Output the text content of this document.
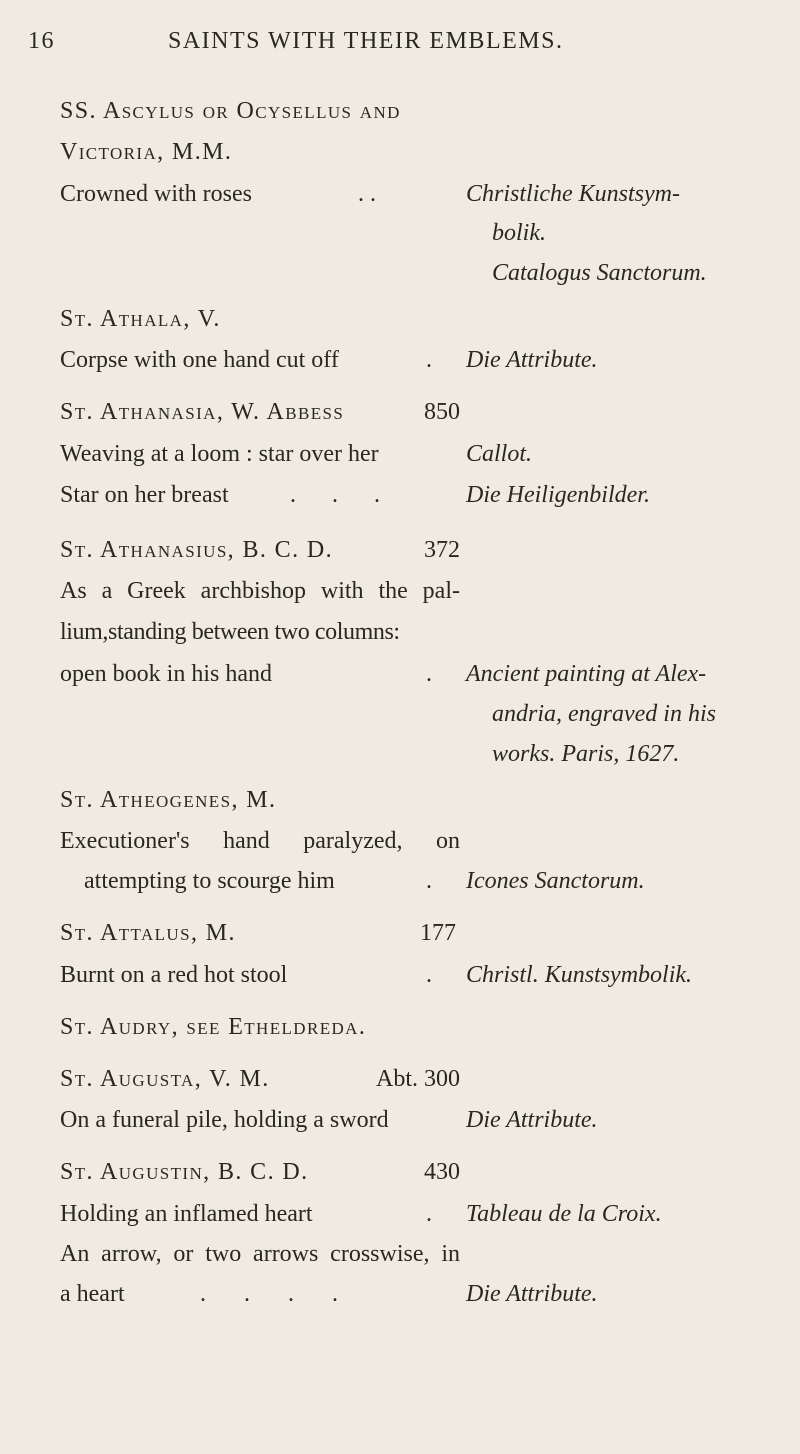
16	SAINTS WITH THEIR EMBLEMS.
SS. Ascylus or Ocysellus and
Victoria, M.M.
Crowned with roses	. .	Christliche Kunstsym-
bolik.
Catalogus Sanctorum.
St. Athala, V.
Corpse with one hand cut off	. Die Attribute.
St. Athanasia, W. Abbess	850
Weaving at a loom : star over her	Callot.
Star on her breast	. . .	Die Heiligenbilder.
St. Athanasius, B. C. D.	372
As a Greek archbishop with the pal-
lium,standing between two columns:
open book in his hand	. Ancient painting at Alex-
andria, engraved in his
works. Paris, 1627.
St. Atheogenes, M.
Executioner's hand paralyzed, on
attempting to scourge him	. Icones Sanctorum.
St. Attalus, M.	177
Burnt on a red hot stool	. Christl. Kunstsymbolik.
St. Audry, see Etheldreda.
St. Augusta, V. M.	Abt. 300
On a funeral pile, holding a sword	Die Attribute.
St. Augustin, B. C. D.	430
Holding an inflamed heart	. Tableau de la Croix.
An arrow, or two arrows crosswise, in
a heart	. . . .	Die Attribute.
